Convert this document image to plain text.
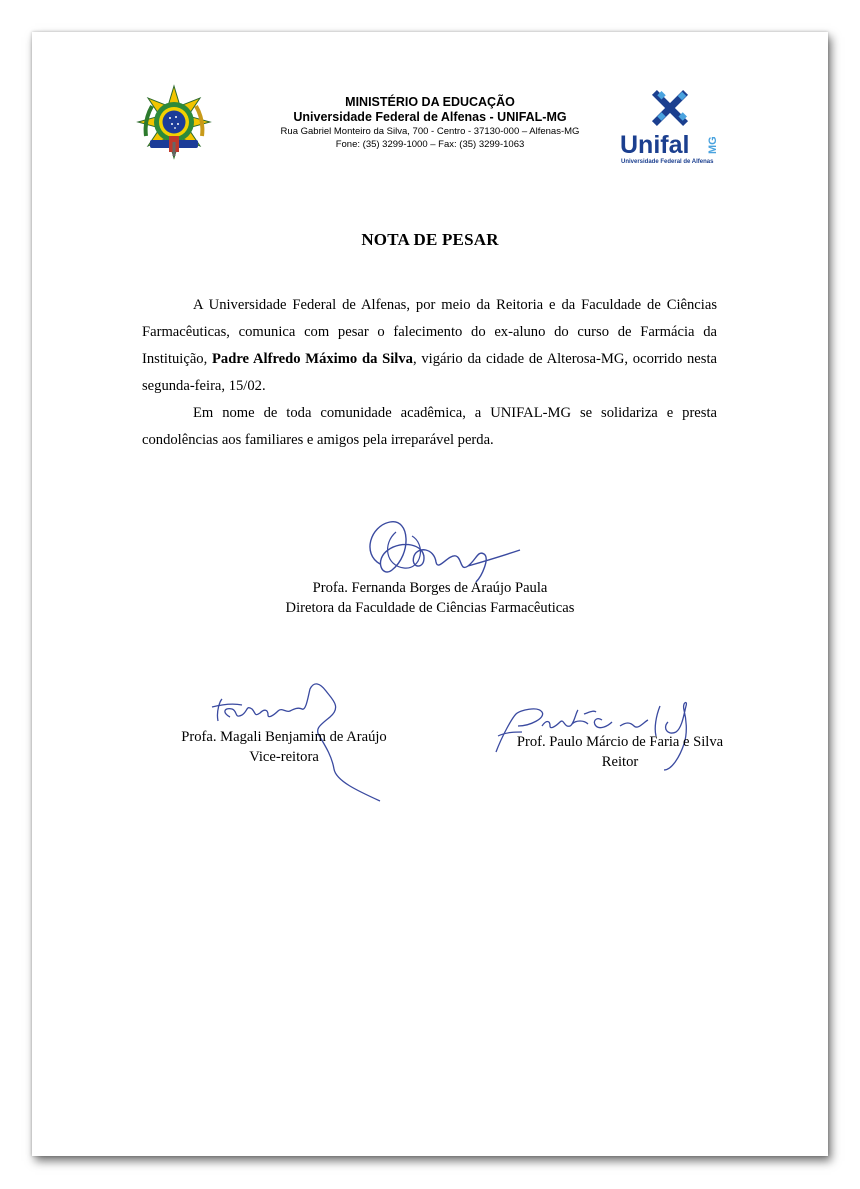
MINISTÉRIO DA EDUCAÇÃO
Universidade Federal de Alfenas - UNIFAL-MG
Rua Gabriel Monteiro da Silva, 700 - Centro - 37130-000 – Alfenas-MG
Fone: (35) 3299-1000 – Fax: (35) 3299-1063	Unifal MG
Universidade Federal de Alfenas
NOTA DE PESAR

A Universidade Federal de Alfenas, por meio da Reitoria e da Faculdade de Ciências Farmacêuticas, comunica com pesar o falecimento do ex-aluno do curso de Farmácia da Instituição, Padre Alfredo Máximo da Silva, vigário da cidade de Alterosa-MG, ocorrido nesta segunda-feira, 15/02.

Em nome de toda comunidade acadêmica, a UNIFAL-MG se solidariza e presta condolências aos familiares e amigos pela irreparável perda.

Profa. Fernanda Borges de Araújo Paula
Diretora da Faculdade de Ciências Farmacêuticas
Profa. Magali Benjamim de Araújo
Vice-reitora
Prof. Paulo Márcio de Faria e Silva
Reitor
